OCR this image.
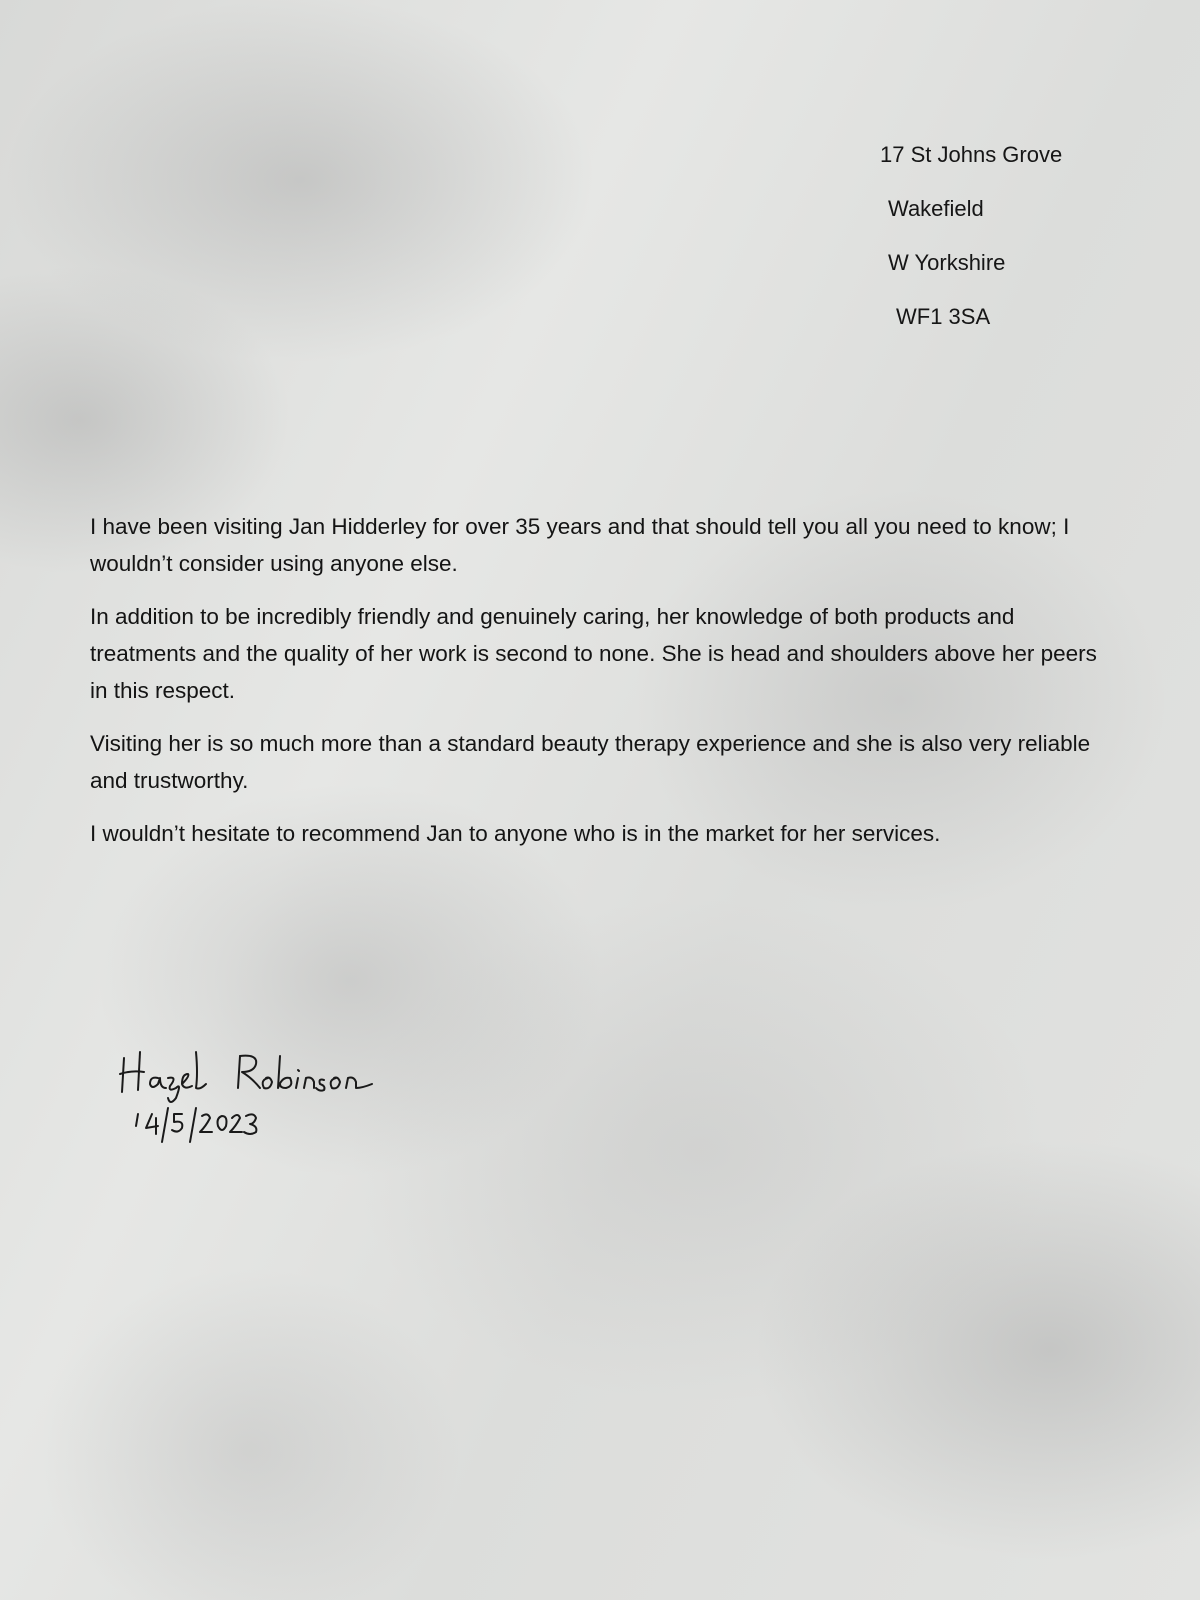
17 St Johns Grove
Wakefield
W Yorkshire
WF1 3SA

I have been visiting Jan Hidderley for over 35 years and that should tell you all you need to know; I wouldn’t consider using anyone else.

In addition to be incredibly friendly and genuinely caring, her knowledge of both products and treatments and the quality of her work is second to none. She is head and shoulders above her peers in this respect.

Visiting her is so much more than a standard beauty therapy experience and she is also very reliable and trustworthy.

I wouldn’t hesitate to recommend Jan to anyone who is in the market for her services.
